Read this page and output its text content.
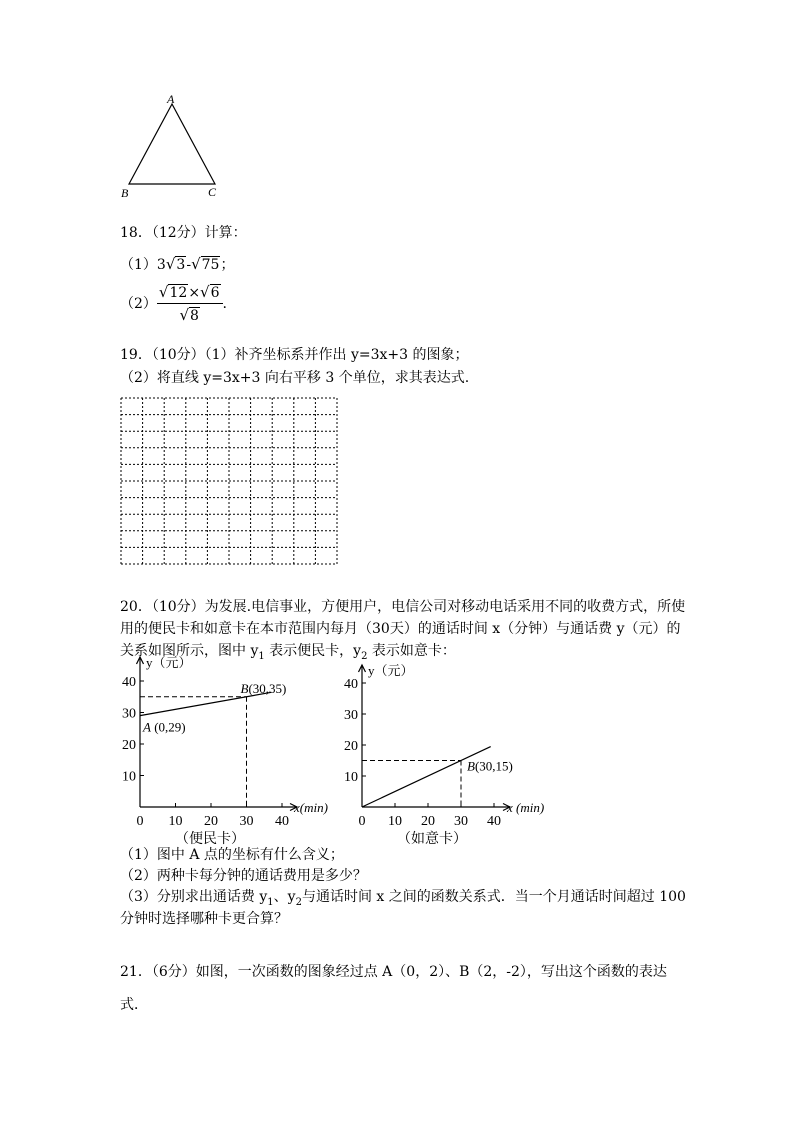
A
B	C
18．（12分）计算：
（1）3√3-√75；
$(2) \frac{√12\times√6}{√8}$ .
19．（10分）（1）补齐坐标系并作出 y=3x+3 的图象；
（2）将直线 y=3x+3 向右平移 3 个单位，求其表达式.
20．（10分）为发展.电信事业，方便用户，电信公司对移动电话采用不同的收费方式，所使
用的便民卡和如意卡在本市范围内每月（30天）的通话时间 x（分钟）与通话费 y（元）的
关系如图所示，图中 $y_1$ 表示便民卡，$y_2$ 表示如意卡：
0 10 20 30 40
10
20
30
40
x(min)
y（元）
A (0,29)
B(30,35)
（便民卡）
0 10 20 30 40
10
20
30
40
x (min)
y（元）
B(30,15)
（如意卡）
（1）图中 A 点的坐标有什么含义；
（2）两种卡每分钟的通话费用是多少？
（3）分别求出通话费 $y_1$、$y_2$与通话时间 x 之间的函数关系式．当一个月通话时间超过 100
分钟时选择哪种卡更合算？
21．（6分）如图，一次函数的图象经过点 A（0，2）、B（2，-2），写出这个函数的表达
式．
